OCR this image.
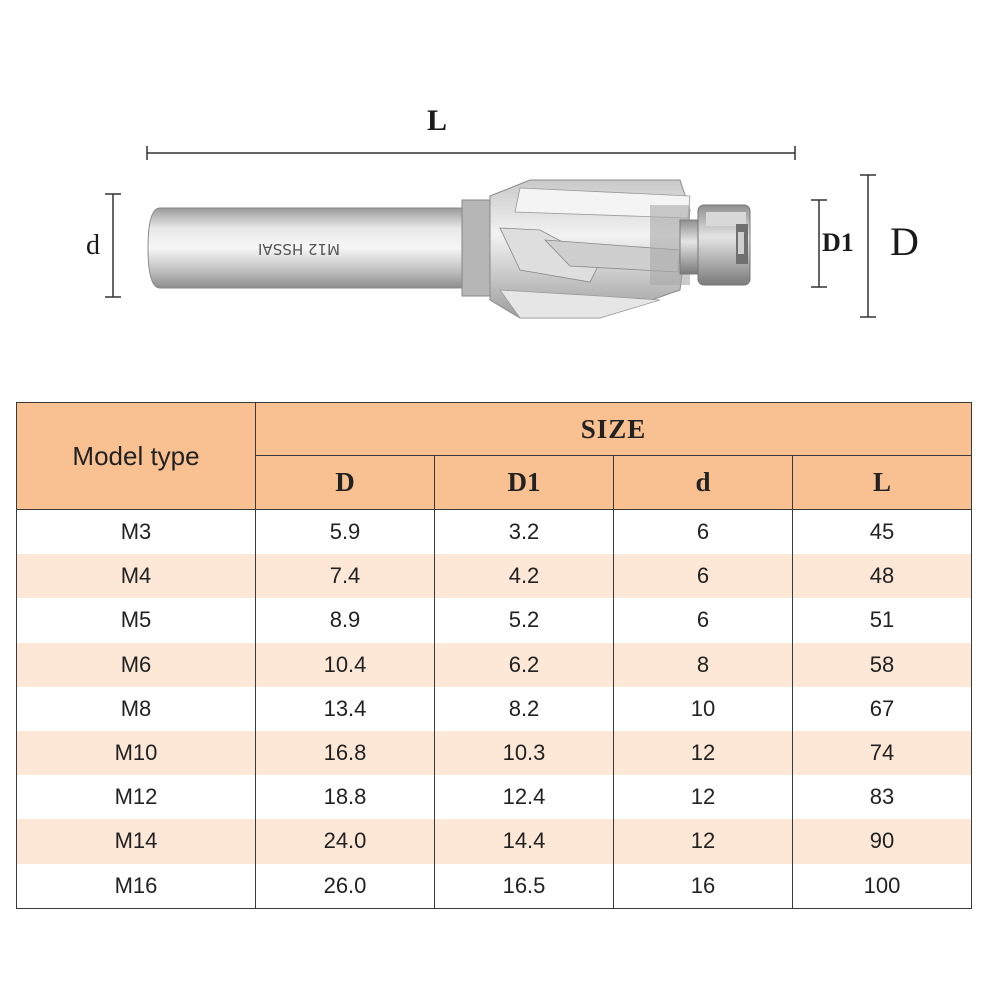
M12 HSSAI
L
d	D1 D
Model type	SIZE			
	D	D1	d	L
M3	5.9	3.2	6	45
M4	7.4	4.2	6	48
M5	8.9	5.2	6	51
M6	10.4	6.2	8	58
M8	13.4	8.2	10	67
M10	16.8	10.3	12	74
M12	18.8	12.4	12	83
M14	24.0	14.4	12	90
M16	26.0	16.5	16	100
